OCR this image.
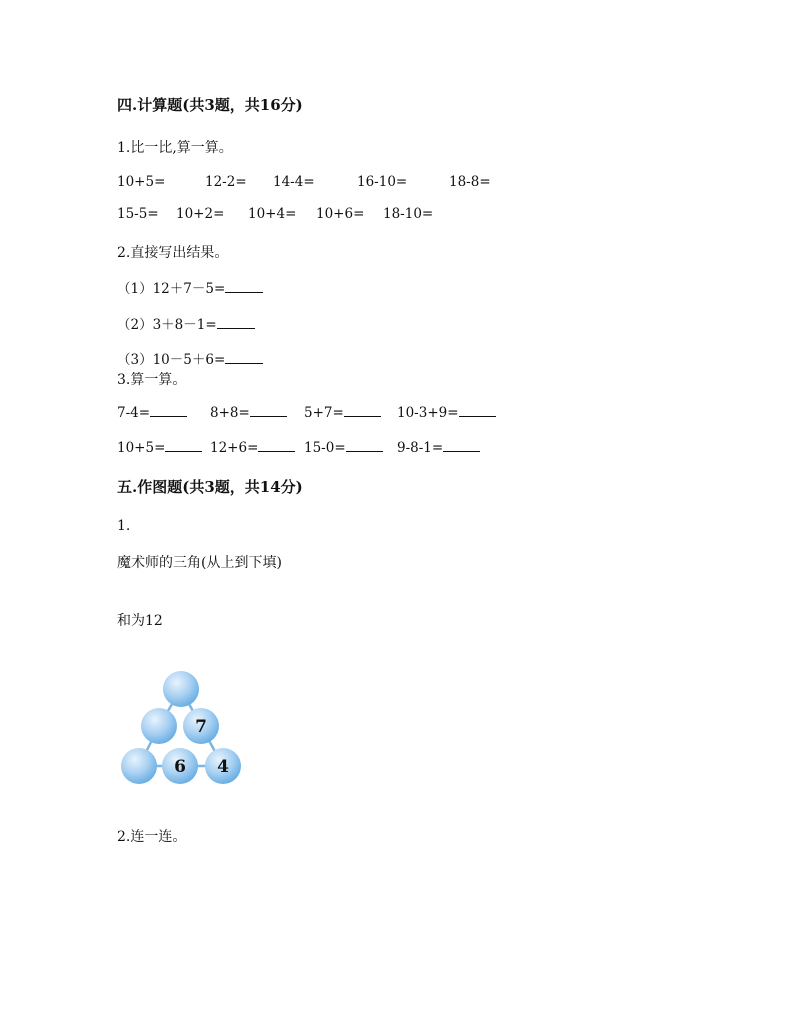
四.计算题(共3题，共16分)
1.比一比,算一算。
10+5=	12-2= 14-4=	16-10=	18-8=
15-5= 10+2= 10+4= 10+6= 18-10=
2.直接写出结果。
（1）12＋7－5=
（2）3＋8－1=
（3）10－5＋6=
3.算一算。
7-4=	8+8=	5+7=	10-3+9=
10+5=	12+6=	15-0=	9-8-1=
五.作图题(共3题，共14分)
1.
魔术师的三角(从上到下填)
和为12
7
6 4
2.连一连。
